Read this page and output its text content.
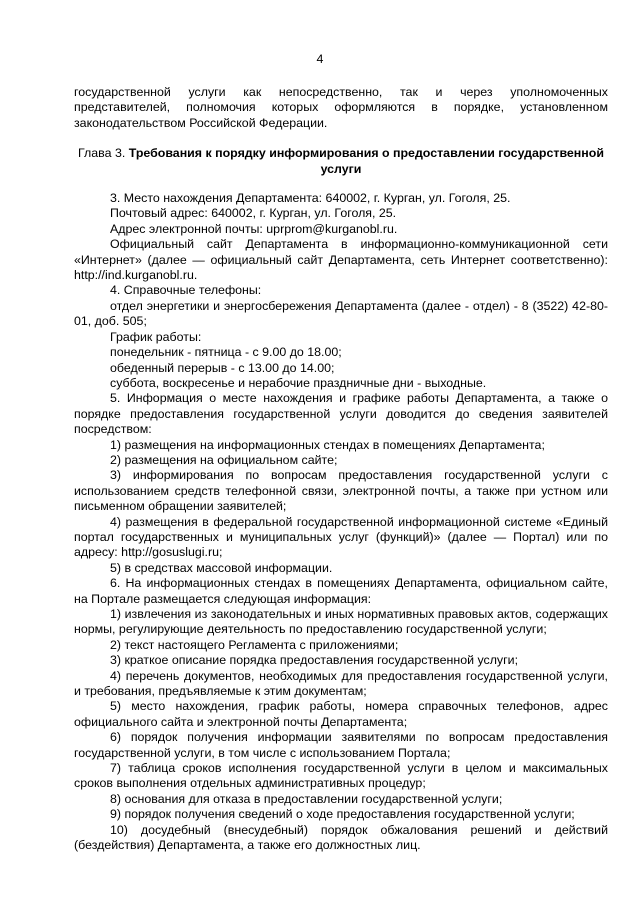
4

государственной услуги как непосредственно, так и через уполномоченных представителей, полномочия которых оформляются в порядке, установленном законодательством Российской Федерации.

Глава 3. Требования к порядку информирования о предоставлении государственной услуги

3. Место нахождения Департамента: 640002, г. Курган, ул. Гоголя, 25.

Почтовый адрес: 640002, г. Курган, ул. Гоголя, 25.

Адрес электронной почты: uprprom@kurganobl.ru.

Официальный сайт Департамента в информационно-коммуникационной сети «Интернет» (далее — официальный сайт Департамента, сеть Интернет соответственно): http://ind.kurganobl.ru.

4. Справочные телефоны:

отдел энергетики и энергосбережения Департамента (далее - отдел) - 8 (3522) 42-80-01, доб. 505;

График работы:

понедельник - пятница - с 9.00 до 18.00;

обеденный перерыв - с 13.00 до 14.00;

суббота, воскресенье и нерабочие праздничные дни - выходные.

5. Информация о месте нахождения и графике работы Департамента, а также о порядке предоставления государственной услуги доводится до сведения заявителей посредством:

1) размещения на информационных стендах в помещениях Департамента;

2) размещения на официальном сайте;

3) информирования по вопросам предоставления государственной услуги с использованием средств телефонной связи, электронной почты, а также при устном или письменном обращении заявителей;

4) размещения в федеральной государственной информационной системе «Единый портал государственных и муниципальных услуг (функций)» (далее — Портал) или по адресу: http://gosuslugi.ru;

5) в средствах массовой информации.

6. На информационных стендах в помещениях Департамента, официальном сайте, на Портале размещается следующая информация:

1) извлечения из законодательных и иных нормативных правовых актов, содержащих нормы, регулирующие деятельность по предоставлению государственной услуги;

2) текст настоящего Регламента с приложениями;

3) краткое описание порядка предоставления государственной услуги;

4) перечень документов, необходимых для предоставления государственной услуги, и требования, предъявляемые к этим документам;

5) место нахождения, график работы, номера справочных телефонов, адрес официального сайта и электронной почты Департамента;

6) порядок получения информации заявителями по вопросам предоставления государственной услуги, в том числе с использованием Портала;

7) таблица сроков исполнения государственной услуги в целом и максимальных сроков выполнения отдельных административных процедур;

8) основания для отказа в предоставлении государственной услуги;

9) порядок получения сведений о ходе предоставления государственной услуги;

10) досудебный (внесудебный) порядок обжалования решений и действий (бездействия) Департамента, а также его должностных лиц.
